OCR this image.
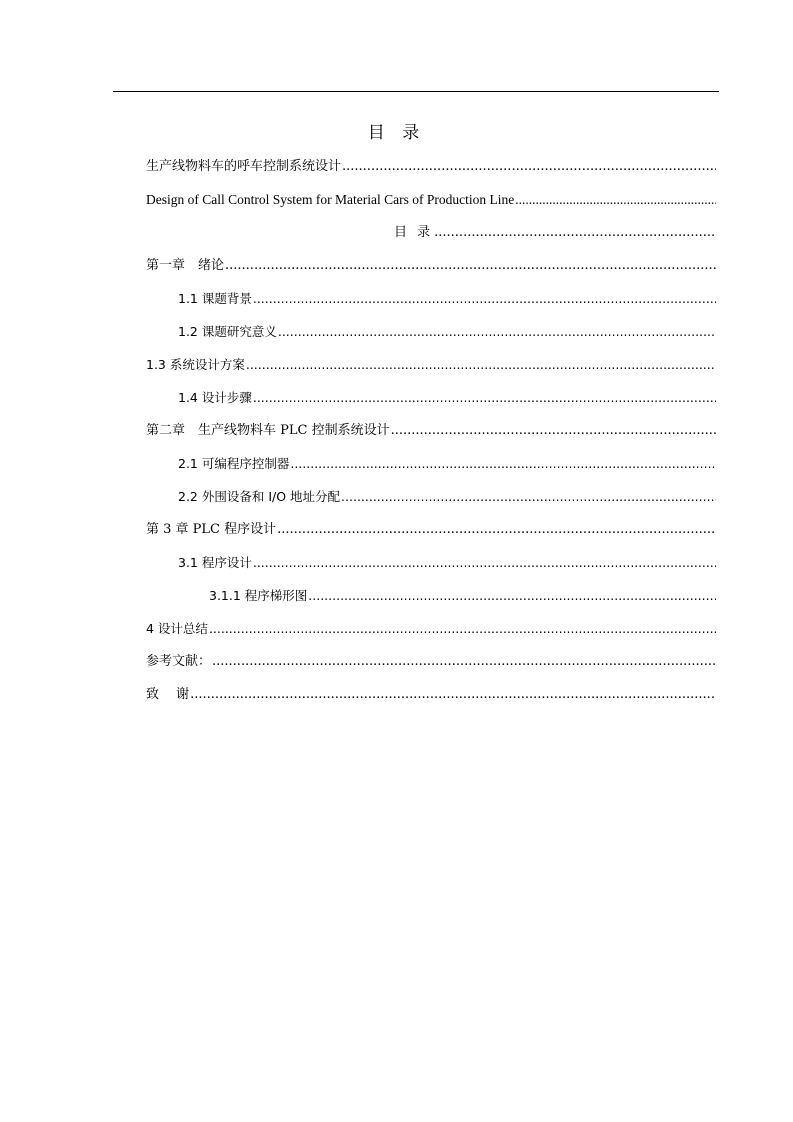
目 录
生产线物料车的呼车控制系统设计
.....
Design of Call Control System for Material Cars of Production Line
.....
目 录
.....
第一章　绪论
.....
1.1 课题背景
.....
1.2 课题研究意义
.....
1.3 系统设计方案
.....
1.4 设计步骤
.....
第二章　生产线物料车 PLC 控制系统设计
.....
2.1 可编程序控制器
.....
2.2 外围设备和 I/O 地址分配
.....
第 3 章 PLC 程序设计
.....
3.1 程序设计
.....
3.1.1 程序梯形图
.....
4 设计总结
.....
参考文献：
.....
致　 谢
.....
